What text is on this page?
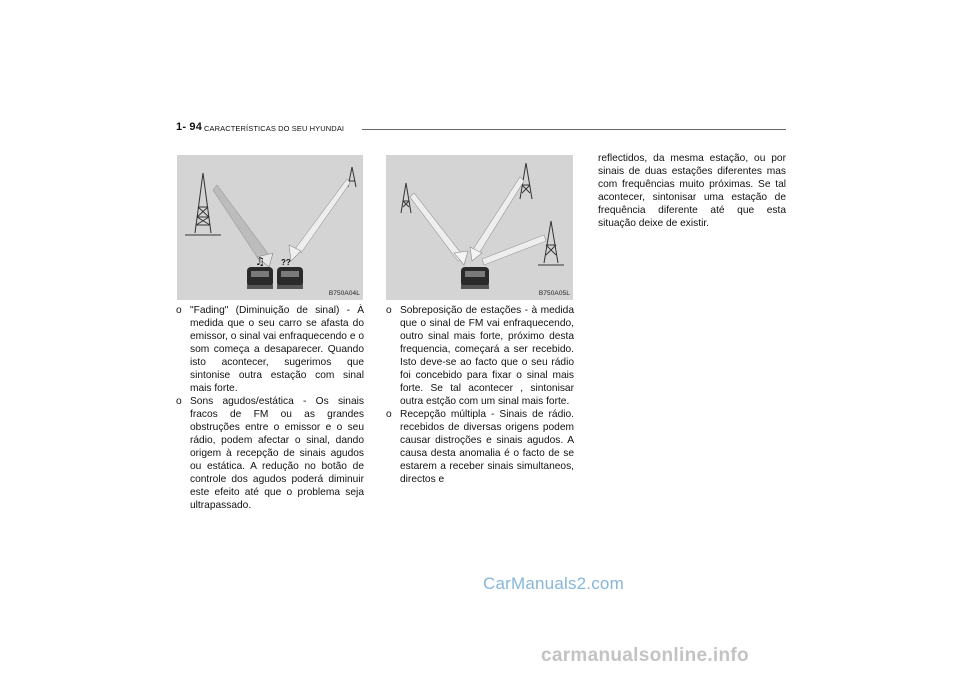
1- 94 CARACTERÍSTICAS DO SEU HYUNDAI
♫ ??
B750A04L	B750A05L

o "Fading" (Diminuição de sinal) - À medida que o seu carro se afasta do emissor, o sinal vai enfraquecendo e o som começa a desaparecer. Quando isto acontecer, sugerimos que sintonise outra estação com sinal mais forte.

o Sons agudos/estática - Os sinais fracos de FM ou as grandes obstruções entre o emissor e o seu rádio, podem afectar o sinal, dando origem à recepção de sinais agudos ou estática. A redução no botão de controle dos agudos poderá diminuir este efeito até que o problema seja ultrapassado.

o Sobreposição de estações - à medida que o sinal de FM vai enfraquecendo, outro sinal mais forte, próximo desta frequencia, começará a ser recebido. Isto deve-se ao facto que o seu rádio foi concebido para fixar o sinal mais forte. Se tal acontecer , sintonisar outra estção com um sinal mais forte.

o Recepção múltipla - Sinais de rádio. recebidos de diversas origens podem causar distroções e sinais agudos. A causa desta anomalia é o facto de se estarem a receber sinais simultaneos, directos e

reflectidos, da mesma estação, ou por sinais de duas estações diferentes mas com frequências muito próximas. Se tal acontecer, sintonisar uma estação de frequência diferente até que esta situação deixe de existir.

CarManuals2.com
carmanualsonline.info
